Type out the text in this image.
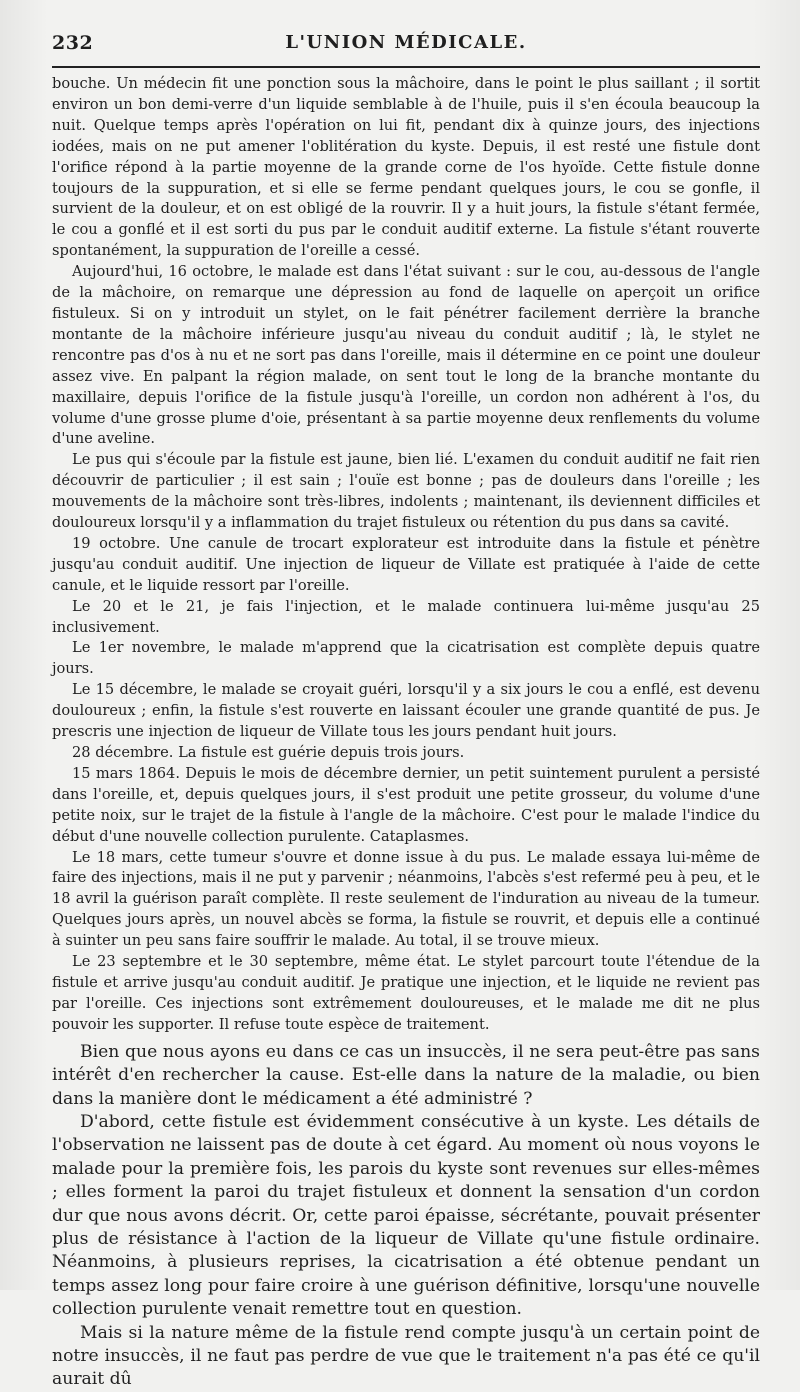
232	L'UNION MÉDICALE.

bouche. Un médecin fit une ponction sous la mâchoire, dans le point le plus saillant ; il sortit environ un bon demi-verre d'un liquide semblable à de l'huile, puis il s'en écoula beaucoup la nuit. Quelque temps après l'opération on lui fit, pendant dix à quinze jours, des injections iodées, mais on ne put amener l'oblitération du kyste. Depuis, il est resté une fistule dont l'orifice répond à la partie moyenne de la grande corne de l'os hyoïde. Cette fistule donne toujours de la suppuration, et si elle se ferme pendant quelques jours, le cou se gonfle, il survient de la douleur, et on est obligé de la rouvrir. Il y a huit jours, la fistule s'étant fermée, le cou a gonflé et il est sorti du pus par le conduit auditif externe. La fistule s'étant rouverte spontanément, la suppuration de l'oreille a cessé.

Aujourd'hui, 16 octobre, le malade est dans l'état suivant : sur le cou, au-dessous de l'angle de la mâchoire, on remarque une dépression au fond de laquelle on aperçoit un orifice fistuleux. Si on y introduit un stylet, on le fait pénétrer facilement derrière la branche montante de la mâchoire inférieure jusqu'au niveau du conduit auditif ; là, le stylet ne rencontre pas d'os à nu et ne sort pas dans l'oreille, mais il détermine en ce point une douleur assez vive. En palpant la région malade, on sent tout le long de la branche montante du maxillaire, depuis l'orifice de la fistule jusqu'à l'oreille, un cordon non adhérent à l'os, du volume d'une grosse plume d'oie, présentant à sa partie moyenne deux renflements du volume d'une aveline.

Le pus qui s'écoule par la fistule est jaune, bien lié. L'examen du conduit auditif ne fait rien découvrir de particulier ; il est sain ; l'ouïe est bonne ; pas de douleurs dans l'oreille ; les mouvements de la mâchoire sont très-libres, indolents ; maintenant, ils deviennent difficiles et douloureux lorsqu'il y a inflammation du trajet fistuleux ou rétention du pus dans sa cavité.

19 octobre. Une canule de trocart explorateur est introduite dans la fistule et pénètre jusqu'au conduit auditif. Une injection de liqueur de Villate est pratiquée à l'aide de cette canule, et le liquide ressort par l'oreille.

Le 20 et le 21, je fais l'injection, et le malade continuera lui-même jusqu'au 25 inclusivement.

Le 1er novembre, le malade m'apprend que la cicatrisation est complète depuis quatre jours.

Le 15 décembre, le malade se croyait guéri, lorsqu'il y a six jours le cou a enflé, est devenu douloureux ; enfin, la fistule s'est rouverte en laissant écouler une grande quantité de pus. Je prescris une injection de liqueur de Villate tous les jours pendant huit jours.

28 décembre. La fistule est guérie depuis trois jours.

15 mars 1864. Depuis le mois de décembre dernier, un petit suintement purulent a persisté dans l'oreille, et, depuis quelques jours, il s'est produit une petite grosseur, du volume d'une petite noix, sur le trajet de la fistule à l'angle de la mâchoire. C'est pour le malade l'indice du début d'une nouvelle collection purulente. Cataplasmes.

Le 18 mars, cette tumeur s'ouvre et donne issue à du pus. Le malade essaya lui-même de faire des injections, mais il ne put y parvenir ; néanmoins, l'abcès s'est refermé peu à peu, et le 18 avril la guérison paraît complète. Il reste seulement de l'induration au niveau de la tumeur. Quelques jours après, un nouvel abcès se forma, la fistule se rouvrit, et depuis elle a continué à suinter un peu sans faire souffrir le malade. Au total, il se trouve mieux.

Le 23 septembre et le 30 septembre, même état. Le stylet parcourt toute l'étendue de la fistule et arrive jusqu'au conduit auditif. Je pratique une injection, et le liquide ne revient pas par l'oreille. Ces injections sont extrêmement douloureuses, et le malade me dit ne plus pouvoir les supporter. Il refuse toute espèce de traitement.

Bien que nous ayons eu dans ce cas un insuccès, il ne sera peut-être pas sans intérêt d'en rechercher la cause. Est-elle dans la nature de la maladie, ou bien dans la manière dont le médicament a été administré ?

D'abord, cette fistule est évidemment consécutive à un kyste. Les détails de l'observation ne laissent pas de doute à cet égard. Au moment où nous voyons le malade pour la première fois, les parois du kyste sont revenues sur elles-mêmes ; elles forment la paroi du trajet fistuleux et donnent la sensation d'un cordon dur que nous avons décrit. Or, cette paroi épaisse, sécrétante, pouvait présenter plus de résistance à l'action de la liqueur de Villate qu'une fistule ordinaire. Néanmoins, à plusieurs reprises, la cicatrisation a été obtenue pendant un temps assez long pour faire croire à une guérison définitive, lorsqu'une nouvelle collection purulente venait remettre tout en question.

Mais si la nature même de la fistule rend compte jusqu'à un certain point de notre insuccès, il ne faut pas perdre de vue que le traitement n'a pas été ce qu'il aurait dû
